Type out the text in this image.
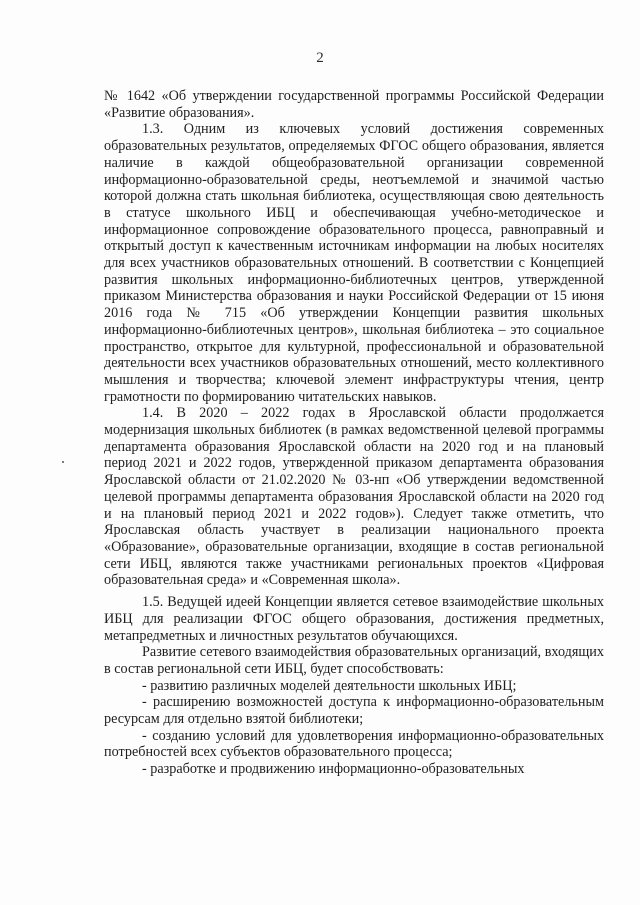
2

№ 1642 «Об утверждении государственной программы Российской Федерации «Развитие образования».

1.3. Одним из ключевых условий достижения современных образовательных результатов, определяемых ФГОС общего образования, является наличие в каждой общеобразовательной организации современной информационно-образовательной среды, неотъемлемой и значимой частью которой должна стать школьная библиотека, осуществляющая свою деятельность в статусе школьного ИБЦ и обеспечивающая учебно-методическое и информационное сопровождение образовательного процесса, равноправный и открытый доступ к качественным источникам информации на любых носителях для всех участников образовательных отношений. В соответствии с Концепцией развития школьных информационно-библиотечных центров, утвержденной приказом Министерства образования и науки Российской Федерации от 15 июня 2016 года № 715 «Об утверждении Концепции развития школьных информационно-библиотечных центров», школьная библиотека – это социальное пространство, открытое для культурной, профессиональной и образовательной деятельности всех участников образовательных отношений, место коллективного мышления и творчества; ключевой элемент инфраструктуры чтения, центр грамотности по формированию читательских навыков.

1.4. В 2020 – 2022 годах в Ярославской области продолжается модернизация школьных библиотек (в рамках ведомственной целевой программы департамента образования Ярославской области на 2020 год и на плановый период 2021 и 2022 годов, утвержденной приказом департамента образования Ярославской области от 21.02.2020 № 03-нп «Об утверждении ведомственной целевой программы департамента образования Ярославской области на 2020 год и на плановый период 2021 и 2022 годов»). Следует также отметить, что Ярославская область участвует в реализации национального проекта «Образование», образовательные организации, входящие в состав региональной сети ИБЦ, являются также участниками региональных проектов «Цифровая образовательная среда» и «Современная школа».

1.5. Ведущей идеей Концепции является сетевое взаимодействие школьных ИБЦ для реализации ФГОС общего образования, достижения предметных, метапредметных и личностных результатов обучающихся.

Развитие сетевого взаимодействия образовательных организаций, входящих в состав региональной сети ИБЦ, будет способствовать:

- развитию различных моделей деятельности школьных ИБЦ;

- расширению возможностей доступа к информационно-образовательным ресурсам для отдельно взятой библиотеки;

- созданию условий для удовлетворения информационно-образовательных потребностей всех субъектов образовательного процесса;

- разработке и продвижению информационно-образовательных
